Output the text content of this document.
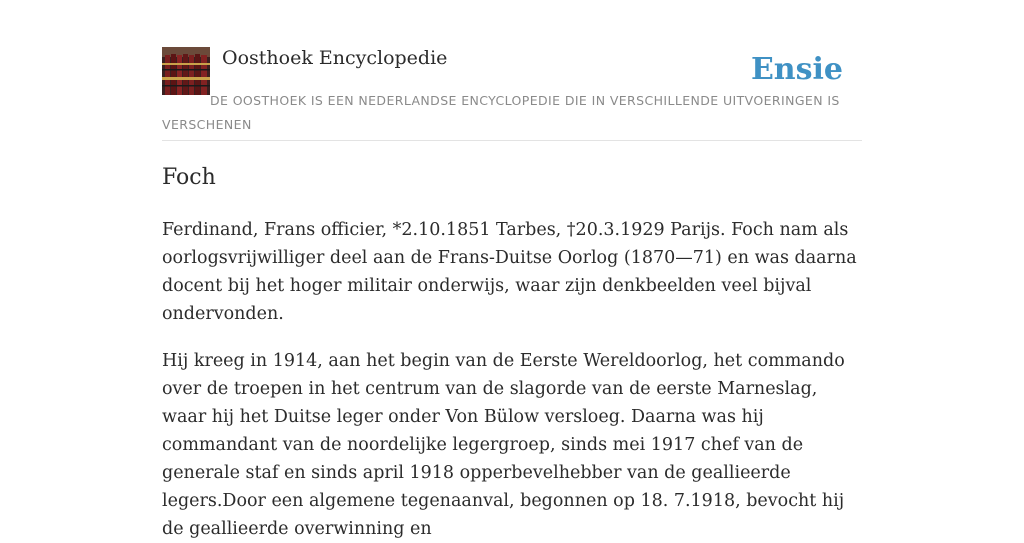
Oosthoek Encyclopedie	Ensie
DE OOSTHOEK IS EEN NEDERLANDSE ENCYCLOPEDIE DIE IN VERSCHILLENDE UITVOERINGEN IS VERSCHENEN
Foch

Ferdinand, Frans officier, *2.10.1851 Tarbes, †20.3.1929 Parijs. Foch nam als oorlogsvrijwilliger deel aan de Frans-Duitse Oorlog (1870—71) en was daarna docent bij het hoger militair onderwijs, waar zijn denkbeelden veel bijval ondervonden.

Hij kreeg in 1914, aan het begin van de Eerste Wereldoorlog, het commando over de troepen in het centrum van de slagorde van de eerste Marneslag, waar hij het Duitse leger onder Von Bülow versloeg. Daarna was hij commandant van de noordelijke legergroep, sinds mei 1917 chef van de generale staf en sinds april 1918 opperbevelhebber van de geallieerde legers.Door een algemene tegenaanval, begonnen op 18. 7.1918, bevocht hij de geallieerde overwinning en
